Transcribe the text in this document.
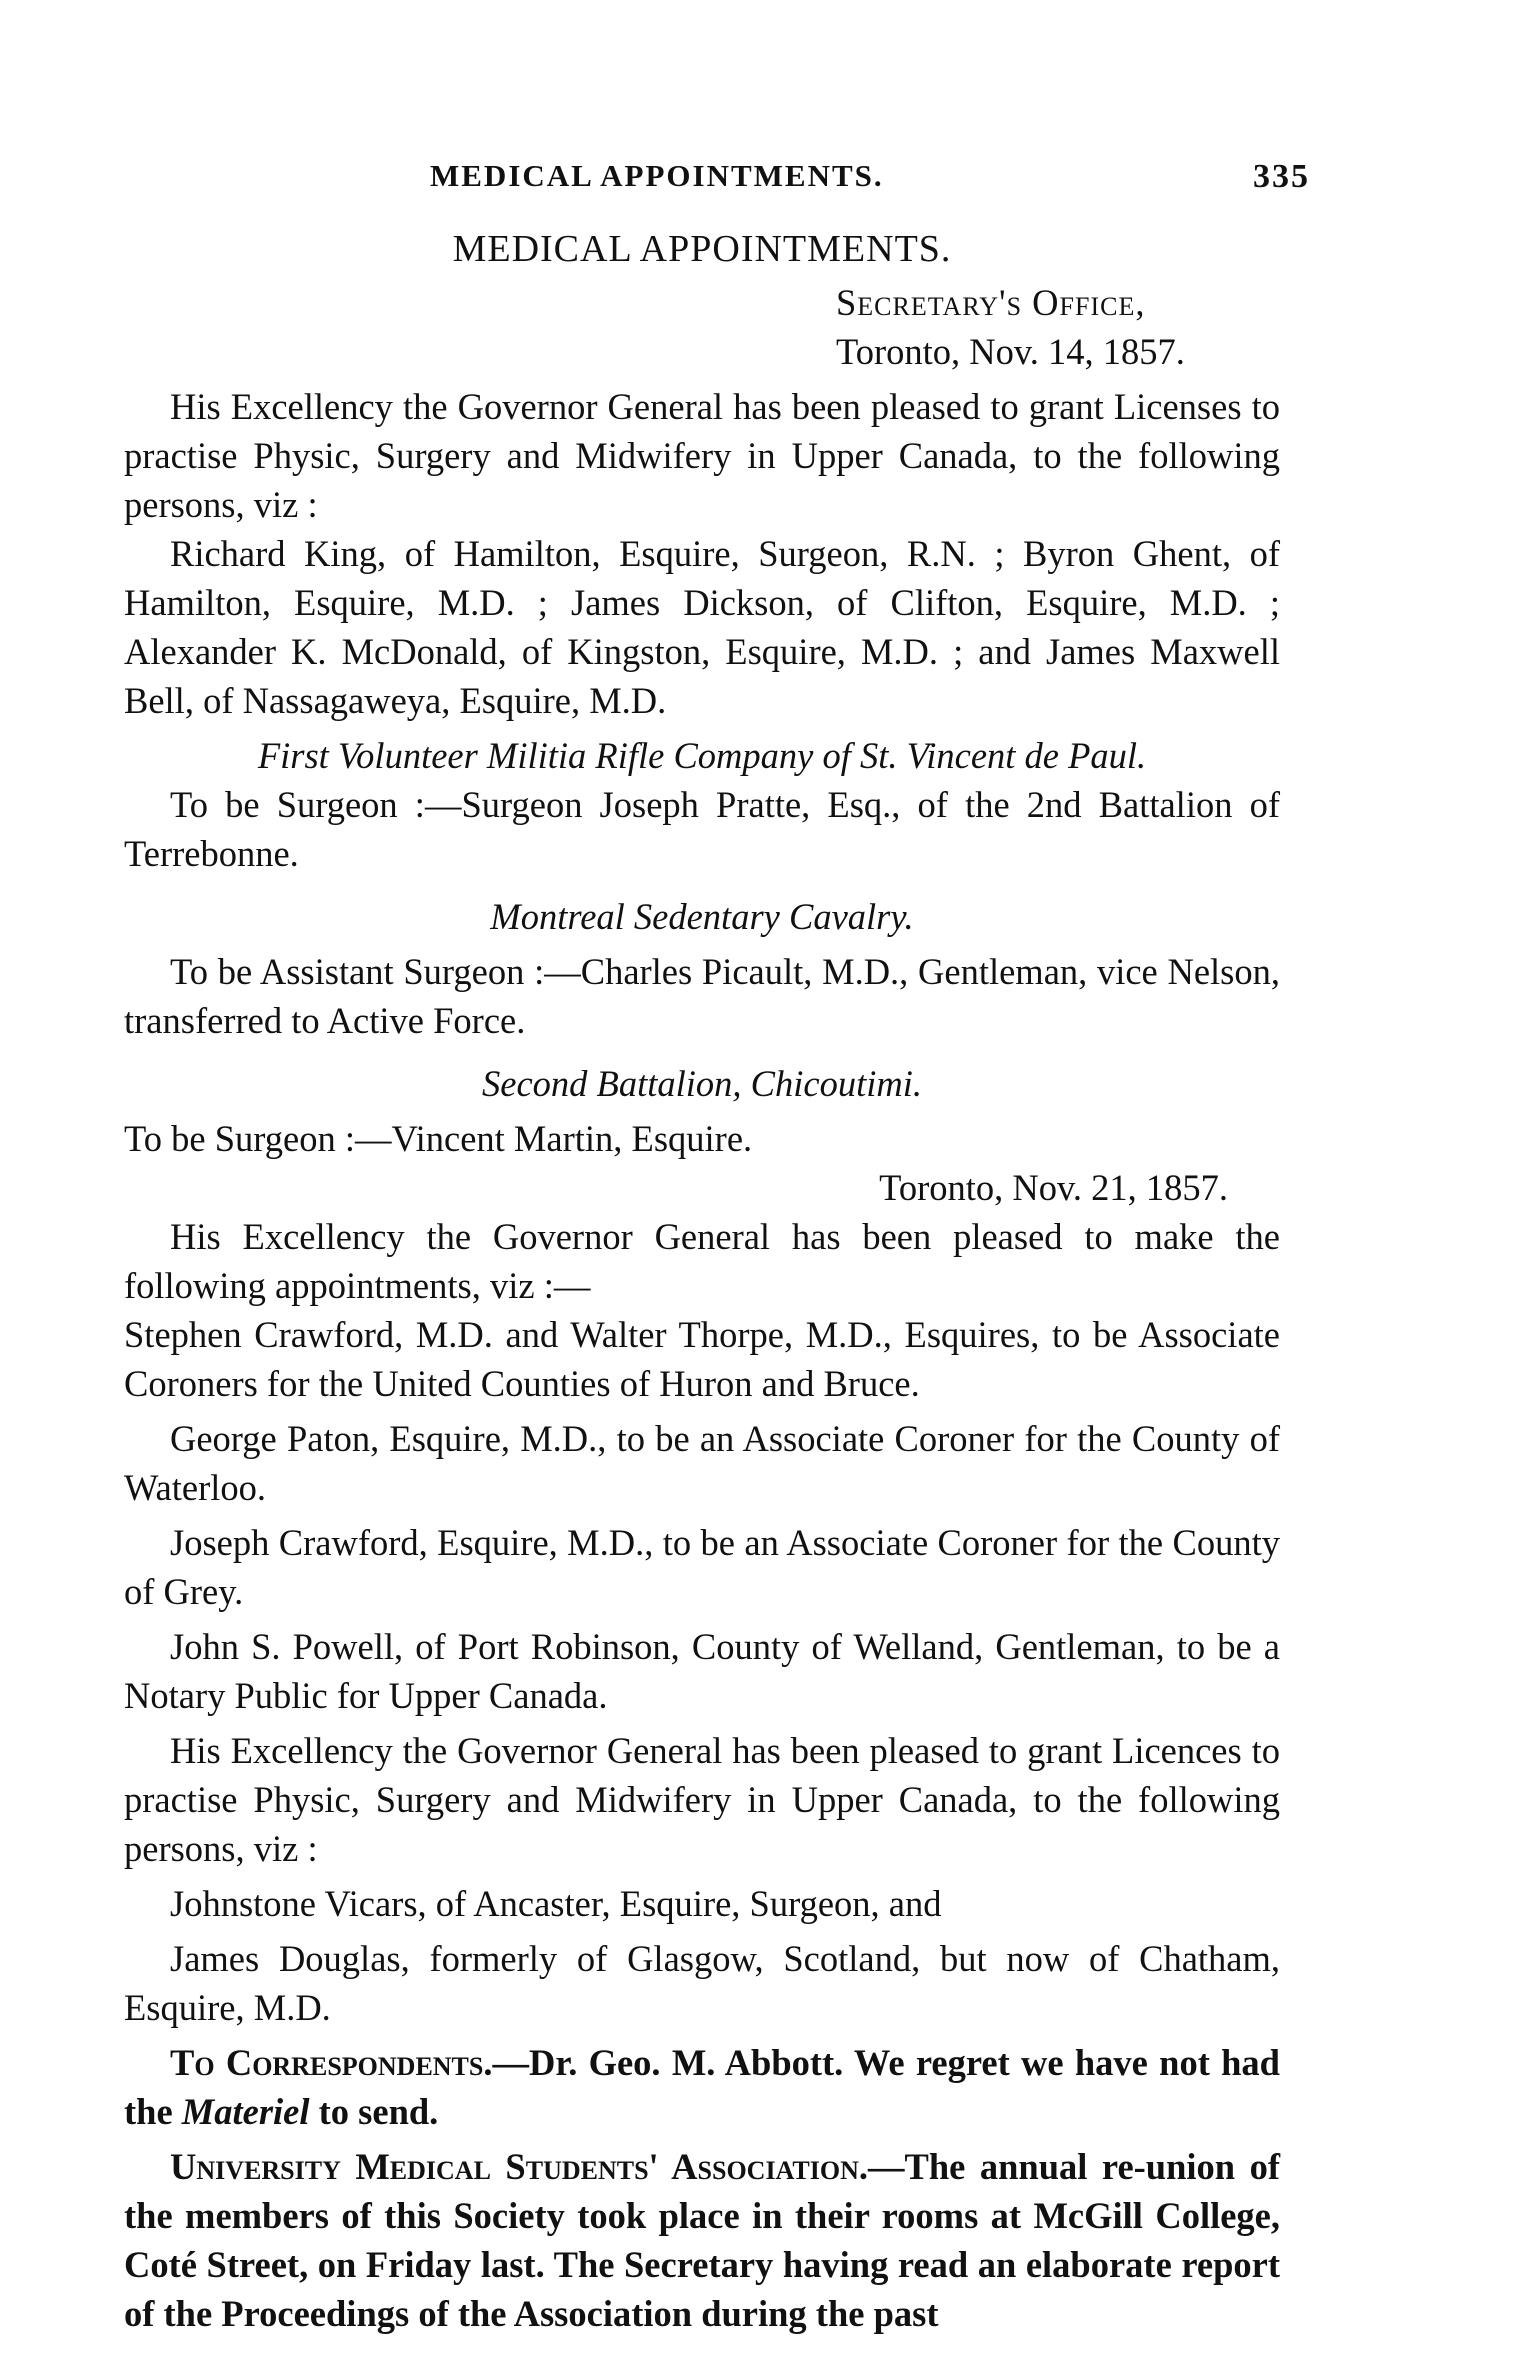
MEDICAL APPOINTMENTS.	335

MEDICAL APPOINTMENTS.

Secretary's Office,

Toronto, Nov. 14, 1857.

His Excellency the Governor General has been pleased to grant Licenses to practise Physic, Surgery and Midwifery in Upper Canada, to the following persons, viz :

Richard King, of Hamilton, Esquire, Surgeon, R.N. ; Byron Ghent, of Hamilton, Esquire, M.D. ; James Dickson, of Clifton, Esquire, M.D. ; Alexander K. McDonald, of Kingston, Esquire, M.D. ; and James Maxwell Bell, of Nassagaweya, Esquire, M.D.

First Volunteer Militia Rifle Company of St. Vincent de Paul.

To be Surgeon :—Surgeon Joseph Pratte, Esq., of the 2nd Battalion of Terrebonne.

Montreal Sedentary Cavalry.

To be Assistant Surgeon :—Charles Picault, M.D., Gentleman, vice Nelson, transferred to Active Force.

Second Battalion, Chicoutimi.

To be Surgeon :—Vincent Martin, Esquire.

Toronto, Nov. 21, 1857.

His Excellency the Governor General has been pleased to make the following appointments, viz :—

Stephen Crawford, M.D. and Walter Thorpe, M.D., Esquires, to be Associate Coroners for the United Counties of Huron and Bruce.

George Paton, Esquire, M.D., to be an Associate Coroner for the County of Waterloo.

Joseph Crawford, Esquire, M.D., to be an Associate Coroner for the County of Grey.

John S. Powell, of Port Robinson, County of Welland, Gentleman, to be a Notary Public for Upper Canada.

His Excellency the Governor General has been pleased to grant Licences to practise Physic, Surgery and Midwifery in Upper Canada, to the following persons, viz :

Johnstone Vicars, of Ancaster, Esquire, Surgeon, and

James Douglas, formerly of Glasgow, Scotland, but now of Chatham, Esquire, M.D.

To Correspondents.—Dr. Geo. M. Abbott. We regret we have not had the Materiel to send.

University Medical Students' Association.—The annual re-union of the members of this Society took place in their rooms at McGill College, Coté Street, on Friday last. The Secretary having read an elaborate report of the Proceedings of the Association during the past
